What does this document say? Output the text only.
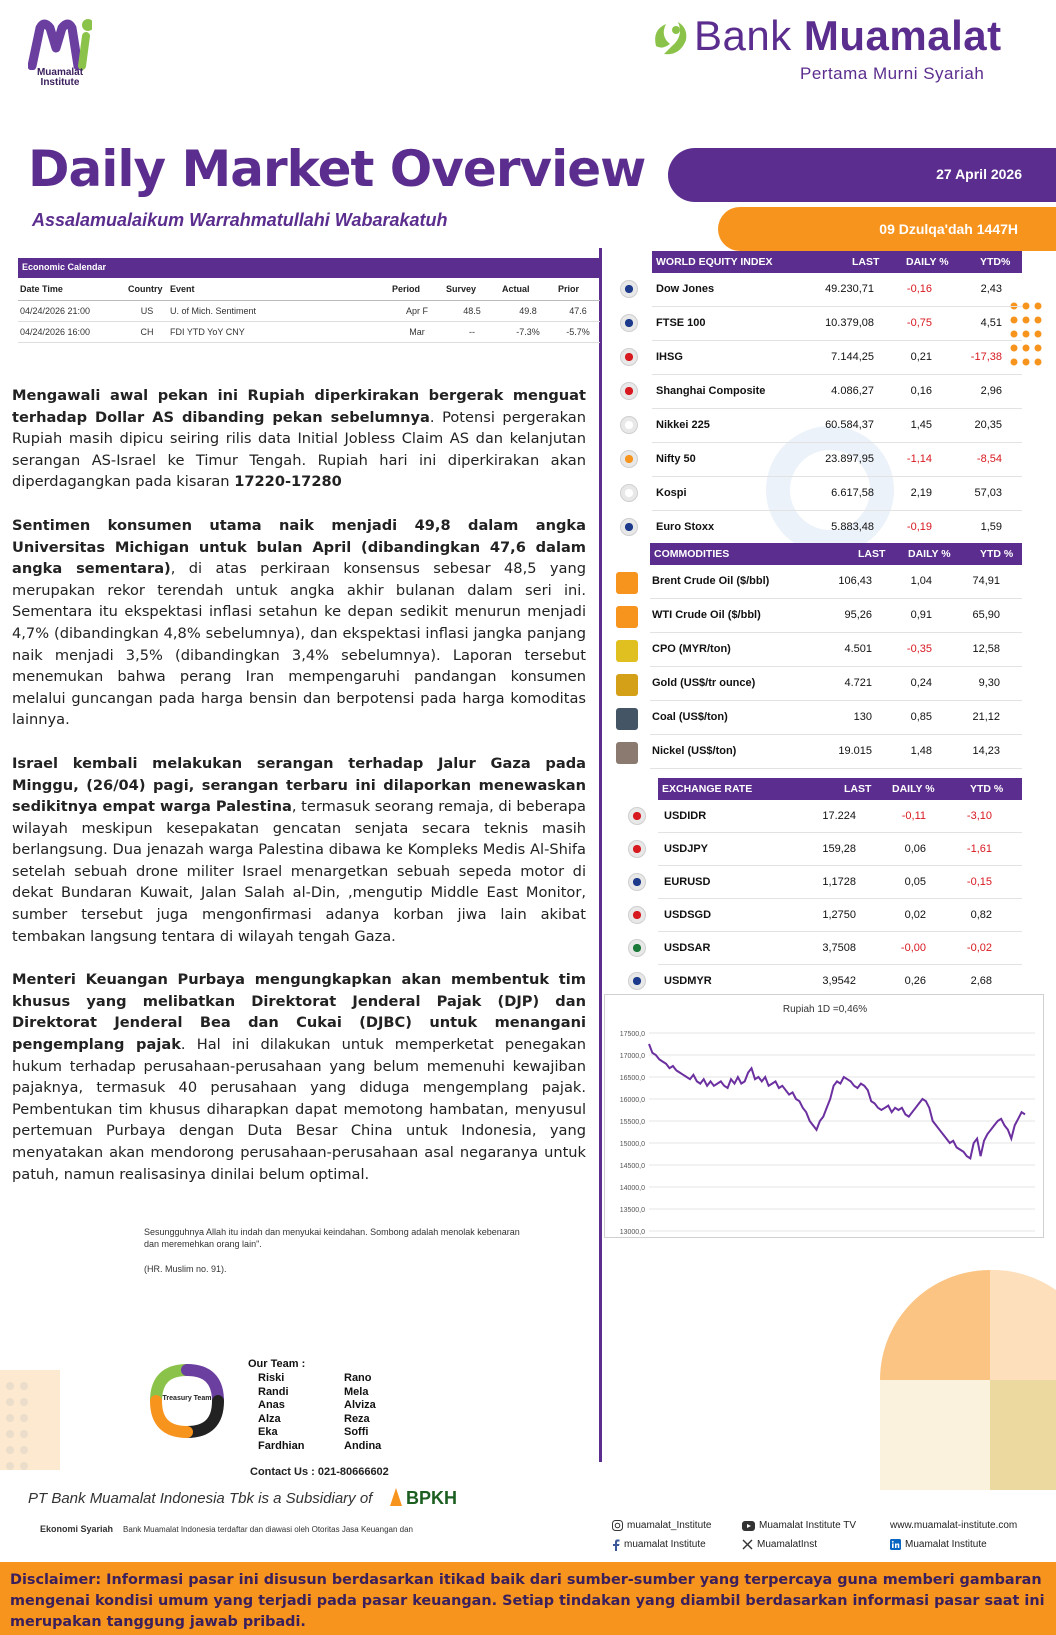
Muamalat Institute
Bank Muamalat
Pertama Murni Syariah
Daily Market Overview
Assalamualaikum Warrahmatullahi Wabarakatuh
27 April 2026
09 Dzulqa'dah 1447H
Economic Calendar
Date Time	Country	Event	Period	Survey	Actual	Prior
04/24/2026 21:00	US	U. of Mich. Sentiment	Apr F	48.5	49.8	47.6
04/24/2026 16:00	CH	FDI YTD YoY CNY	Mar	--	-7.3%	-5.7%

Mengawali awal pekan ini Rupiah diperkirakan bergerak menguat terhadap Dollar AS dibanding pekan sebelumnya. Potensi pergerakan Rupiah masih dipicu seiring rilis data Initial Jobless Claim AS dan kelanjutan serangan AS-Israel ke Timur Tengah. Rupiah hari ini diperkirakan akan diperdagangkan pada kisaran 17220-17280

Sentimen konsumen utama naik menjadi 49,8 dalam angka Universitas Michigan untuk bulan April (dibandingkan 47,6 dalam angka sementara), di atas perkiraan konsensus sebesar 48,5 yang merupakan rekor terendah untuk angka akhir bulanan dalam seri ini. Sementara itu ekspektasi inflasi setahun ke depan sedikit menurun menjadi 4,7% (dibandingkan 4,8% sebelumnya), dan ekspektasi inflasi jangka panjang naik menjadi 3,5% (dibandingkan 3,4% sebelumnya). Laporan tersebut menemukan bahwa perang Iran mempengaruhi pandangan konsumen melalui guncangan pada harga bensin dan berpotensi pada harga komoditas lainnya.

Israel kembali melakukan serangan terhadap Jalur Gaza pada Minggu, (26/04) pagi, serangan terbaru ini dilaporkan menewaskan sedikitnya empat warga Palestina, termasuk seorang remaja, di beberapa wilayah meskipun kesepakatan gencatan senjata secara teknis masih berlangsung. Dua jenazah warga Palestina dibawa ke Kompleks Medis Al-Shifa setelah sebuah drone militer Israel menargetkan sebuah sepeda motor di dekat Bundaran Kuwait, Jalan Salah al-Din, ,mengutip Middle East Monitor, sumber tersebut juga mengonfirmasi adanya korban jiwa lain akibat tembakan langsung tentara di wilayah tengah Gaza.

Menteri Keuangan Purbaya mengungkapkan akan membentuk tim khusus yang melibatkan Direktorat Jenderal Pajak (DJP) dan Direktorat Jenderal Bea dan Cukai (DJBC) untuk menangani pengemplang pajak. Hal ini dilakukan untuk memperketat penegakan hukum terhadap perusahaan-perusahaan yang belum memenuhi kewajiban pajaknya, termasuk 40 perusahaan yang diduga mengemplang pajak. Pembentukan tim khusus diharapkan dapat memotong hambatan, menyusul pertemuan Purbaya dengan Duta Besar China untuk Indonesia, yang menyatakan akan mendorong perusahaan-perusahaan asal negaranya untuk patuh, namun realisasinya dinilai belum optimal.

Sesungguhnya Allah itu indah dan menyukai keindahan. Sombong adalah menolak kebenaran dan meremehkan orang lain".
(HR. Muslim no. 91).
Treasury Team
Our Team :
Riski
Randi
Anas
Alza
Eka
Fardhian
Rano
Mela
Alviza
Reza
Soffi
Andina
Contact Us : 021-80666602
PT Bank Muamalat Indonesia Tbk is a Subsidiary of BPKH
Ekonomi Syariah Bank Muamalat Indonesia terdaftar dan diawasi oleh Otoritas Jasa Keuangan dan	muamalat_Institute	Muamalat Institute TV	www.muamalat-institute.com
muamalat Institute	MuamalatInst	Muamalat Institute
Disclaimer: Informasi pasar ini disusun berdasarkan itikad baik dari sumber-sumber yang terpercaya guna memberi gambaran mengenai kondisi umum yang terjadi pada pasar keuangan. Setiap tindakan yang diambil berdasarkan informasi pasar saat ini merupakan tanggung jawab pribadi.
WORLD EQUITY INDEX	LAST	DAILY %	YTD%
Dow Jones	49.230,71	-0,16	2,43
FTSE 100	10.379,08	-0,75	4,51
IHSG	7.144,25	0,21	-17,38
Shanghai Composite	4.086,27	0,16	2,96
Nikkei 225	60.584,37	1,45	20,35
Nifty 50	23.897,95	-1,14	-8,54
Kospi	6.617,58	2,19	57,03
Euro Stoxx	5.883,48	-0,19	1,59
COMMODITIES	LAST DAILY %	YTD %
Brent Crude Oil ($/bbl)	106,43	1,04	74,91
WTI Crude Oil ($/bbl)	95,26	0,91	65,90
CPO (MYR/ton)	4.501	-0,35	12,58
Gold (US$/tr ounce)	4.721	0,24	9,30
Coal (US$/ton)	130	0,85	21,12
Nickel (US$/ton)	19.015	1,48	14,23
EXCHANGE RATE	LAST DAILY %	YTD %
USDIDR	17.224	-0,11	-3,10
USDJPY	159,28	0,06	-1,61
EURUSD	1,1728	0,05	-0,15
USDSGD	1,2750	0,02	0,82
USDSAR	3,7508	-0,00	-0,02
USDMYR	3,9542	0,26	2,68
Rupiah 1D =0,46%
17500,0
17000,0
16500,0
16000,0
15500,0
15000,0
14500,0
14000,0
13500,0
13000,0
